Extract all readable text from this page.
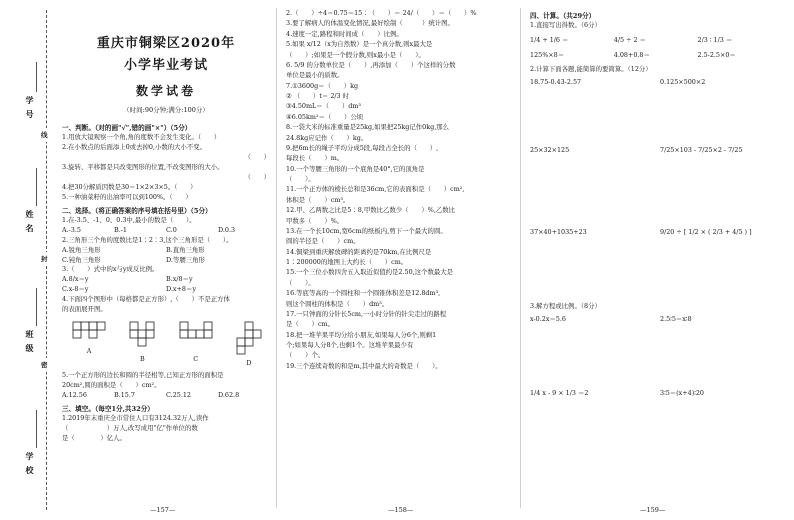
学号
姓名
班级
学校
线
封
密
重庆市铜梁区2020年
小学毕业考试
数学试卷
（时间:90分钟;满分:100分）
一、判断。（对的画"√",错的画"×"）（5分）
1.用放大镜观察一个角,角的度数不会发生变化。（　　）
2.在小数点的后面添上0或去掉0,小数的大小不变。
（　　）
3.旋转、平移都是只改变图形的位置,不改变图形的大小。
（　　）
4.把30分解质因数是30＝1×2×3×5。（　　）
5.一种油菜籽的出油率可以到100%。（　　）
二、选择。（将正确答案的序号填在括号里）（5分）
1.在-3.5、-1、0、0.3中,最小的数是（　　）。
A.-3.5	B.-1	C.0	D.0.3
2.三角形三个角的度数比是1∶2∶3,这个三角形是（　　）。
A.锐角三角形	B.直角三角形
C.钝角三角形	D.等腰三角形
3.（　　）式中的x与y成反比例。
A.8/x＝y	B.x/8＝y
C.x-8＝y	D.x+8＝y
4.下面四个图形中（每格都是正方形）,（　　）不是正方体
的表面展开图。
A
B	C	D
5.一个正方形的边长和圆的半径相等,已知正方形的面积是
20cm²,圆的面积是（　　）cm²。
A.12.56	B.15.7	C.25.12	D.62.8
三、填空。（每空1分,共32分）
1.2019年末重庆全市常住人口有3124.32万人,读作
（　　　　　　）万人,改写成用"亿"作单位的数
是（　　　　）亿人。
2.（　　）÷4＝0.75＝15∶（　　）＝ 24/（　　）＝（　　）%
3.要了解病人的体温变化情况,最好绘制（　　　）统计图。
4.速度一定,路程和时间成（　　）比例。
5.如果 x/12（x为自然数）是一个真分数,则x最大是
（　　）;如果是一个假分数,则x最小是（　　）。
6. 5/9 的分数单位是（　　）,再添加（　　）个这样的分数
单位是最小的质数。
7.①3600g＝（　　）kg
② （　　）t＝ 2/3 时
③4.50mL＝（　　）dm³
④6.05km²＝（　　）公顷
8.一袋大米的标准重量是25kg,如果把25kg记作0kg,那么
24.8kg应记作（　　）kg。
9.把6m长的绳子平均分成5段,每段占全长的（　　）,
每段长（　　）m。
10.一个等腰三角形的一个底角是40°,它的顶角是
（　　）。
11.一个正方体的棱长总和是36cm,它的表面积是（　　）cm²,
体积是（　　）cm³。
12.甲、乙两数之比是5∶8,甲数比乙数少（　　）%,乙数比
甲数多（　　）%。
13.在一个长10cm,宽6cm的纸板内,剪下一个最大的圆。
圆的半径是（　　）cm。
14.铜梁到重庆解放碑的距离约是70km,在比例尺是
1∶200000的地图上大约长（　　）cm。
15.一个三位小数四舍五入取近似值约是2.50,这个数最大是
（　　）。
16.等底等高的一个圆柱和一个圆锥体积差是12.8dm³,
则这个圆柱的体积是（　　）dm³。
17.一只钟面的分针长5cm,一小时分针的针尖走过的路程
是（　　）cm。
18.把一堆苹果平均分给小朋友,如果每人分6个,则剩1
个;如果每人分8个,也剩1个。这堆苹果最少有
（　　）个。
19.三个连续奇数的和是m,其中最大的奇数是（　　）。
四、计算。（共29分）
1.直接写出得数。（6分）
1/4 + 1/6 ＝	4/5 ÷ 2 ＝	2/3 ∶ 1/3 ＝
125%×8＝	4.08+0.8＝	2.5-2.5×0＝
2.计算下面各题,能简算的要简算。（12分）
18.75-0.43-2.57	0.125×500×2
25×32×125	7/25×103 - 7/25×2 - 7/25
37×40+1035+23	9/20 ÷ [ 1/2 × ( 2/3 + 4/5 ) ]
3.解方程或比例。（8分）
x-0.2x＝5.6	2.5∶5＝x∶8
1/4 x - 9 × 1/3 ＝2	3∶5＝(x+4)∶20
—157—	—158—	—159—
